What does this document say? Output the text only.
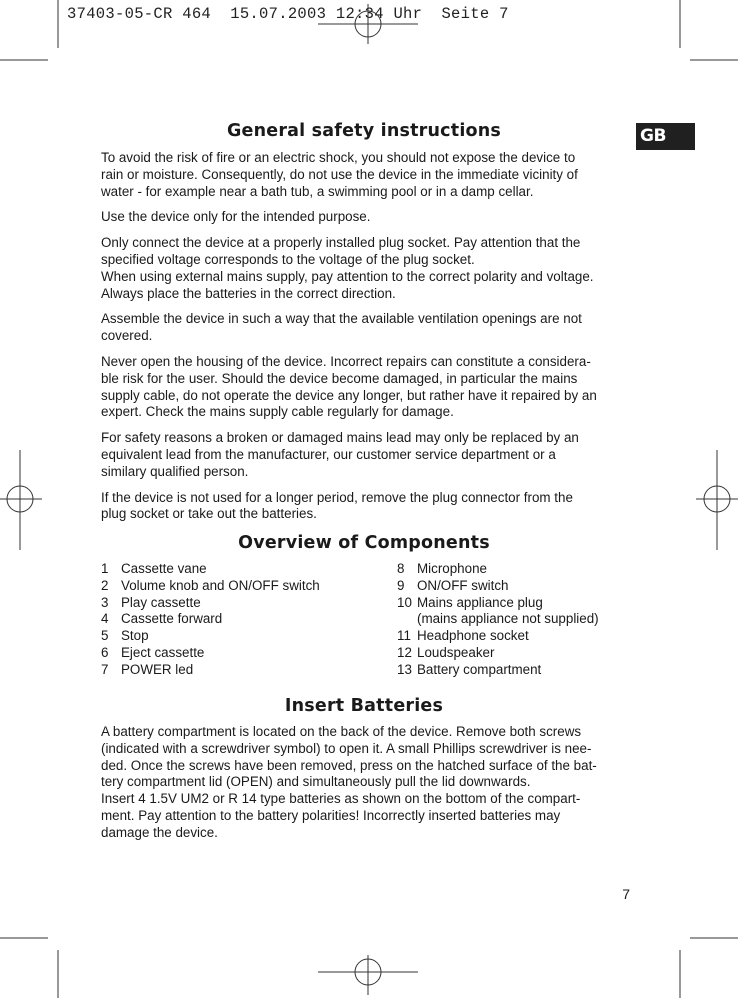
37403-05-CR 464  15.07.2003 12:34 Uhr  Seite 7
GB
General safety instructions

To avoid the risk of fire or an electric shock, you should not expose the device to
rain or moisture. Consequently, do not use the device in the immediate vicinity of
water - for example near a bath tub, a swimming pool or in a damp cellar.

Use the device only for the intended purpose.

Only connect the device at a properly installed plug socket. Pay attention that the
specified voltage corresponds to the voltage of the plug socket.
When using external mains supply, pay attention to the correct polarity and voltage.
Always place the batteries in the correct direction.

Assemble the device in such a way that the available ventilation openings are not
covered.

Never open the housing of the device. Incorrect repairs can constitute a considera-
ble risk for the user. Should the device become damaged, in particular the mains
supply cable, do not operate the device any longer, but rather have it repaired by an
expert. Check the mains supply cable regularly for damage.

For safety reasons a broken or damaged mains lead may only be replaced by an
equivalent lead from the manufacturer, our customer service department or a
similary qualified person.

If the device is not used for a longer period, remove the plug connector from the
plug socket or take out the batteries.

Overview of Components
1 Cassette vane
2 Volume knob and ON/OFF switch
3 Play cassette
4 Cassette forward
5 Stop
6 Eject cassette
7 POWER led
8 Microphone
9 ON/OFF switch
10 Mains appliance plug
(mains appliance not supplied)
11 Headphone socket
12 Loudspeaker
13 Battery compartment
Insert Batteries

A battery compartment is located on the back of the device. Remove both screws
(indicated with a screwdriver symbol) to open it. A small Phillips screwdriver is nee-
ded. Once the screws have been removed, press on the hatched surface of the bat-
tery compartment lid (OPEN) and simultaneously pull the lid downwards.
Insert 4 1.5V UM2 or R 14 type batteries as shown on the bottom of the compart-
ment. Pay attention to the battery polarities! Incorrectly inserted batteries may
damage the device.

7
